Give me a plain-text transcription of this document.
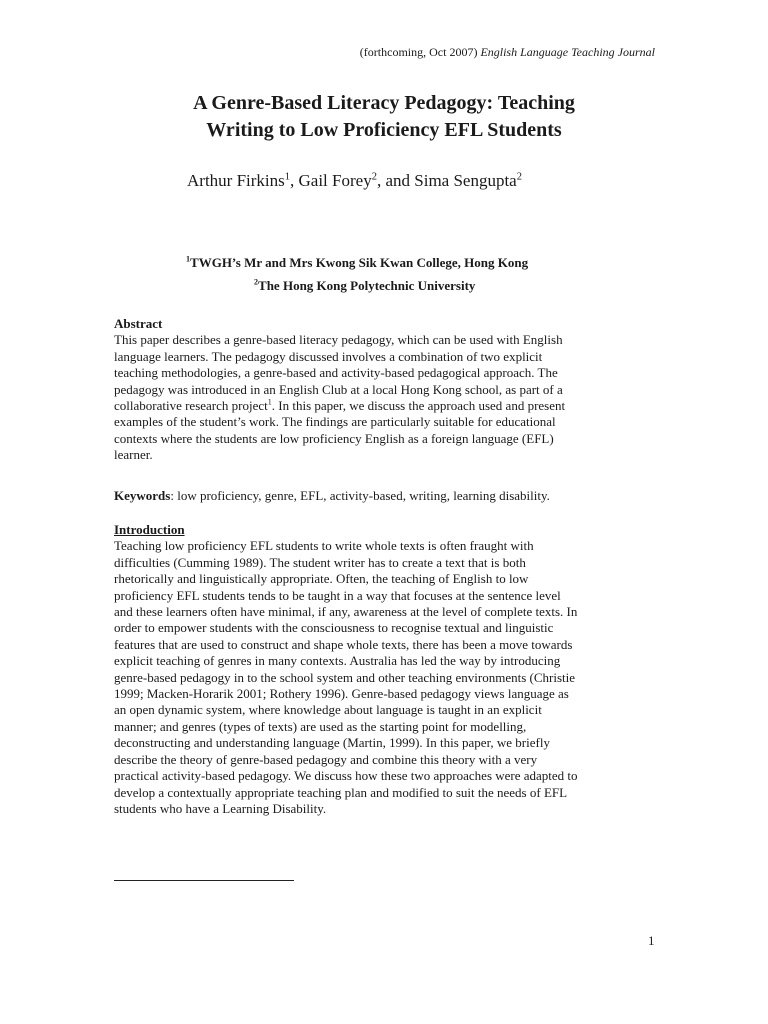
(forthcoming, Oct 2007) English Language Teaching Journal
A Genre-Based Literacy Pedagogy: Teaching
Writing to Low Proficiency EFL Students
Arthur Firkins$^1$, Gail Forey$^2$, and Sima Sengupta$^2$
$^1$TWGH’s Mr and Mrs Kwong Sik Kwan College, Hong Kong
$^2$The Hong Kong Polytechnic University
Abstract
This paper describes a genre-based literacy pedagogy, which can be used with English
language learners. The pedagogy discussed involves a combination of two explicit
teaching methodologies, a genre-based and activity-based pedagogical approach. The
pedagogy was introduced in an English Club at a local Hong Kong school, as part of a
collaborative research project$^1$. In this paper, we discuss the approach used and present
examples of the student’s work. The findings are particularly suitable for educational
contexts where the students are low proficiency English as a foreign language (EFL)
learner.
Keywords: low proficiency, genre, EFL, activity-based, writing, learning disability.
Introduction
Teaching low proficiency EFL students to write whole texts is often fraught with
difficulties (Cumming 1989). The student writer has to create a text that is both
rhetorically and linguistically appropriate. Often, the teaching of English to low
proficiency EFL students tends to be taught in a way that focuses at the sentence level
and these learners often have minimal, if any, awareness at the level of complete texts. In
order to empower students with the consciousness to recognise textual and linguistic
features that are used to construct and shape whole texts, there has been a move towards
explicit teaching of genres in many contexts. Australia has led the way by introducing
genre-based pedagogy in to the school system and other teaching environments (Christie
1999; Macken-Horarik 2001; Rothery 1996). Genre-based pedagogy views language as
an open dynamic system, where knowledge about language is taught in an explicit
manner; and genres (types of texts) are used as the starting point for modelling,
deconstructing and understanding language (Martin, 1999). In this paper, we briefly
describe the theory of genre-based pedagogy and combine this theory with a very
practical activity-based pedagogy. We discuss how these two approaches were adapted to
develop a contextually appropriate teaching plan and modified to suit the needs of EFL
students who have a Learning Disability.
1
